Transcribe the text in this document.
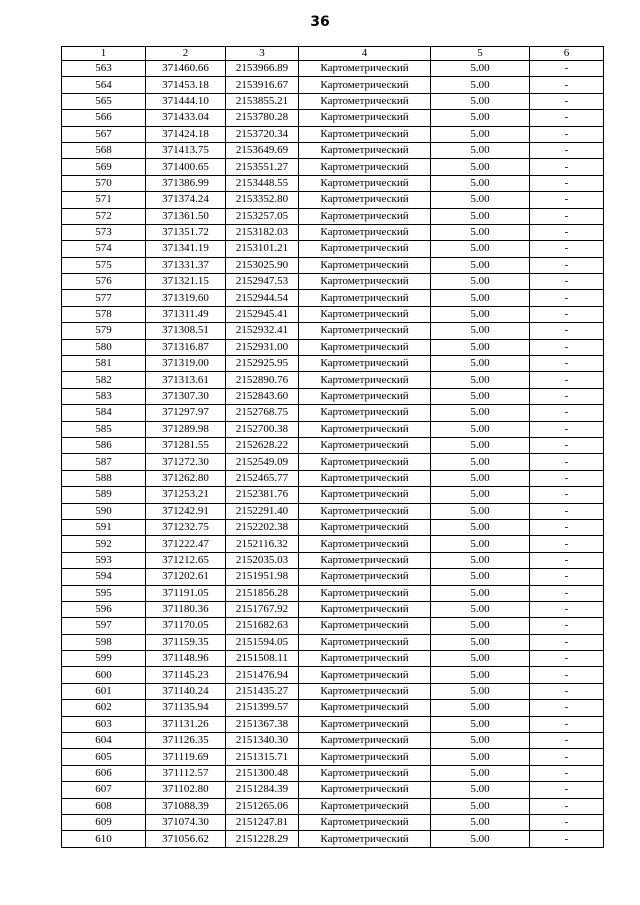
36
1	2	3	4	5	6
563	371460.66	2153966.89	Картометрический	5.00	-
564	371453.18	2153916.67	Картометрический	5.00	-
565	371444.10	2153855.21	Картометрический	5.00	-
566	371433.04	2153780.28	Картометрический	5.00	-
567	371424.18	2153720.34	Картометрический	5.00	-
568	371413.75	2153649.69	Картометрический	5.00	-
569	371400.65	2153551.27	Картометрический	5.00	-
570	371386.99	2153448.55	Картометрический	5.00	-
571	371374.24	2153352.80	Картометрический	5.00	-
572	371361.50	2153257.05	Картометрический	5.00	-
573	371351.72	2153182.03	Картометрический	5.00	-
574	371341.19	2153101.21	Картометрический	5.00	-
575	371331.37	2153025.90	Картометрический	5.00	-
576	371321.15	2152947.53	Картометрический	5.00	-
577	371319.60	2152944.54	Картометрический	5.00	-
578	371311.49	2152945.41	Картометрический	5.00	-
579	371308.51	2152932.41	Картометрический	5.00	-
580	371316.87	2152931.00	Картометрический	5.00	-
581	371319.00	2152925.95	Картометрический	5.00	-
582	371313.61	2152890.76	Картометрический	5.00	-
583	371307.30	2152843.60	Картометрический	5.00	-
584	371297.97	2152768.75	Картометрический	5.00	-
585	371289.98	2152700.38	Картометрический	5.00	-
586	371281.55	2152628.22	Картометрический	5.00	-
587	371272.30	2152549.09	Картометрический	5.00	-
588	371262.80	2152465.77	Картометрический	5.00	-
589	371253.21	2152381.76	Картометрический	5.00	-
590	371242.91	2152291.40	Картометрический	5.00	-
591	371232.75	2152202.38	Картометрический	5.00	-
592	371222.47	2152116.32	Картометрический	5.00	-
593	371212.65	2152035.03	Картометрический	5.00	-
594	371202.61	2151951.98	Картометрический	5.00	-
595	371191.05	2151856.28	Картометрический	5.00	-
596	371180.36	2151767.92	Картометрический	5.00	-
597	371170.05	2151682.63	Картометрический	5.00	-
598	371159.35	2151594.05	Картометрический	5.00	-
599	371148.96	2151508.11	Картометрический	5.00	-
600	371145.23	2151476.94	Картометрический	5.00	-
601	371140.24	2151435.27	Картометрический	5.00	-
602	371135.94	2151399.57	Картометрический	5.00	-
603	371131.26	2151367.38	Картометрический	5.00	-
604	371126.35	2151340.30	Картометрический	5.00	-
605	371119.69	2151315.71	Картометрический	5.00	-
606	371112.57	2151300.48	Картометрический	5.00	-
607	371102.80	2151284.39	Картометрический	5.00	-
608	371088.39	2151265.06	Картометрический	5.00	-
609	371074.30	2151247.81	Картометрический	5.00	-
610	371056.62	2151228.29	Картометрический	5.00	-
